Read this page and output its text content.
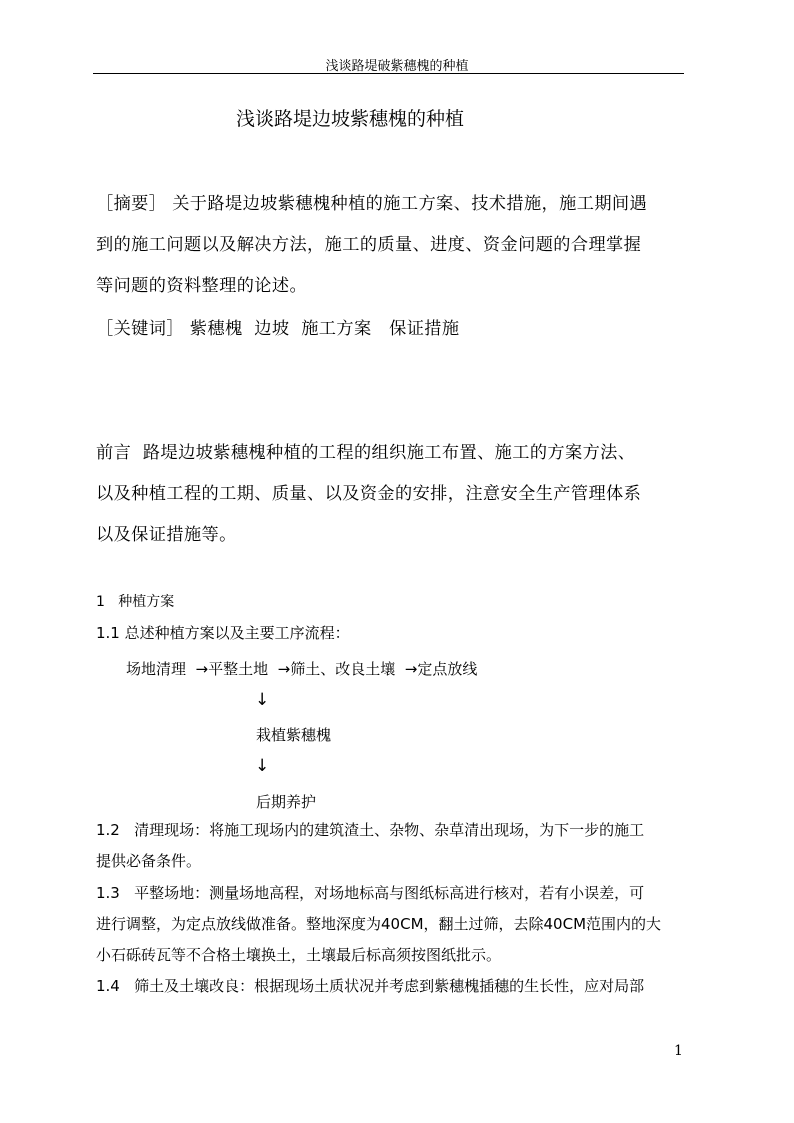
浅谈路堤破紫穗槐的种植
浅谈路堤边坡紫穗槐的种植
［摘要］ 关于路堤边坡紫穗槐种植的施工方案、技术措施，施工期间遇
到的施工问题以及解决方法，施工的质量、进度、资金问题的合理掌握
等问题的资料整理的论述。
［关键词］ 紫穗槐  边坡  施工方案   保证措施
前言  路堤边坡紫穗槐种植的工程的组织施工布置、施工的方案方法、
以及种植工程的工期、质量、以及资金的安排，注意安全生产管理体系
以及保证措施等。
1   种植方案
1.1 总述种植方案以及主要工序流程：
场地清理  →平整土地  →筛土、改良土壤  →定点放线
↓
栽植紫穗槐
↓
后期养护
1.2   清理现场：将施工现场内的建筑渣土、杂物、杂草清出现场，为下一步的施工
提供必备条件。
1.3   平整场地：测量场地高程，对场地标高与图纸标高进行核对，若有小误差，可
进行调整，为定点放线做准备。整地深度为40CM，翻土过筛，去除40CM范围内的大
小石砾砖瓦等不合格土壤换土，土壤最后标高须按图纸批示。
1.4   筛土及土壤改良：根据现场土质状况并考虑到紫穗槐插穗的生长性，应对局部
1
